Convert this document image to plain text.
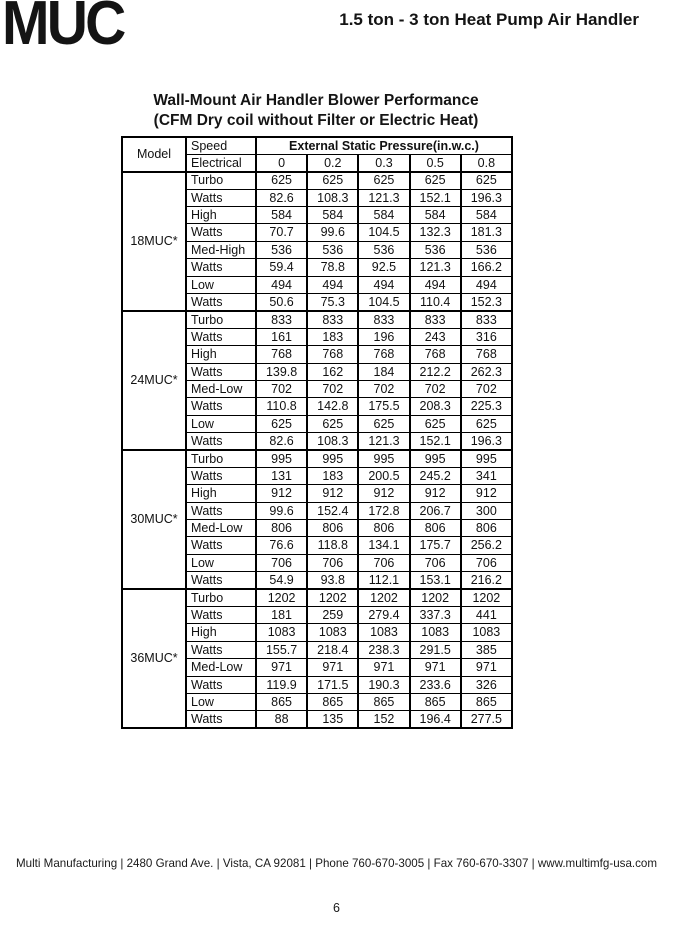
MUC	1.5 ton - 3 ton Heat Pump Air Handler
Wall-Mount Air Handler Blower Performance
(CFM Dry coil without Filter or Electric Heat)
Model	Speed	External Static Pressure(in.w.c.)				
	Electrical	0	0.2	0.3	0.5	0.8
18MUC*	Turbo	625	625	625	625	625
	Watts	82.6	108.3	121.3	152.1	196.3
	High	584	584	584	584	584
	Watts	70.7	99.6	104.5	132.3	181.3
	Med-High	536	536	536	536	536
	Watts	59.4	78.8	92.5	121.3	166.2
	Low	494	494	494	494	494
	Watts	50.6	75.3	104.5	110.4	152.3
24MUC*	Turbo	833	833	833	833	833
	Watts	161	183	196	243	316
	High	768	768	768	768	768
	Watts	139.8	162	184	212.2	262.3
	Med-Low	702	702	702	702	702
	Watts	110.8	142.8	175.5	208.3	225.3
	Low	625	625	625	625	625
	Watts	82.6	108.3	121.3	152.1	196.3
30MUC*	Turbo	995	995	995	995	995
	Watts	131	183	200.5	245.2	341
	High	912	912	912	912	912
	Watts	99.6	152.4	172.8	206.7	300
	Med-Low	806	806	806	806	806
	Watts	76.6	118.8	134.1	175.7	256.2
	Low	706	706	706	706	706
	Watts	54.9	93.8	112.1	153.1	216.2
36MUC*	Turbo	1202	1202	1202	1202	1202
	Watts	181	259	279.4	337.3	441
	High	1083	1083	1083	1083	1083
	Watts	155.7	218.4	238.3	291.5	385
	Med-Low	971	971	971	971	971
	Watts	119.9	171.5	190.3	233.6	326
	Low	865	865	865	865	865
	Watts	88	135	152	196.4	277.5
Multi Manufacturing | 2480 Grand Ave. | Vista, CA 92081 | Phone 760-670-3005 | Fax 760-670-3307 | www.multimfg-usa.com
6
